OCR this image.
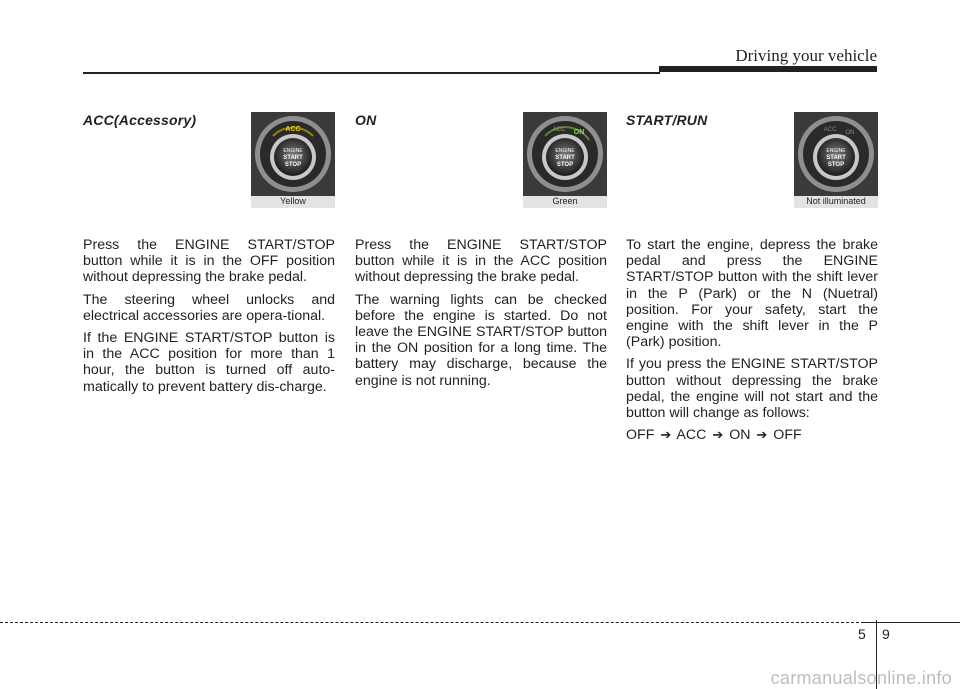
Driving your vehicle
ACC(Accessory)
ACC
ENGINE
START
STOP
Yellow

Press the ENGINE START/STOP button while it is in the OFF position without depressing the brake pedal.

The steering wheel unlocks and electrical accessories are opera-tional.

If the ENGINE START/STOP button is in the ACC position for more than 1 hour, the button is turned off auto-matically to prevent battery dis-charge.

ON
ACC ON
ENGINE
START
STOP
Green

Press the ENGINE START/STOP button while it is in the ACC position without depressing the brake pedal.

The warning lights can be checked before the engine is started. Do not leave the ENGINE START/STOP button in the ON position for a long time. The battery may discharge, because the engine is not running.

START/RUN
ACC ON
ENGINE
START
STOP
Not illuminated

To start the engine, depress the brake pedal and press the ENGINE START/STOP button with the shift lever in the P (Park) or the N (Nuetral) position. For your safety, start the engine with the shift lever in the P (Park) position.

If you press the ENGINE START/STOP button without depressing the brake pedal, the engine will not start and the button will change as follows:

OFF ➔ ACC ➔ ON ➔ OFF

5 9
carmanualsonline.info
